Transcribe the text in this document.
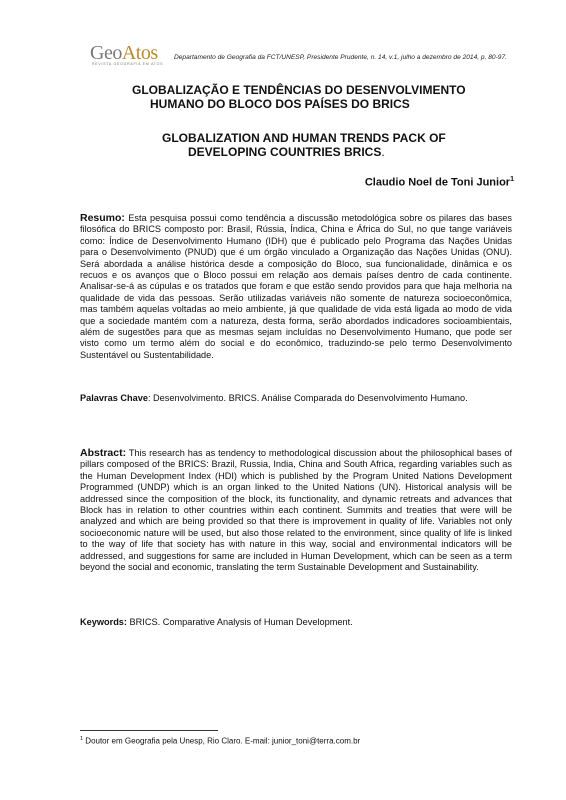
GeoAtos
REVISTA GEOGRAFIA EM ATOS
Departamento de Geografia da FCT/UNESP, Presidente Prudente, n. 14, v.1, julho a dezembro de 2014, p. 80-97.
GLOBALIZAÇÃO E TENDÊNCIAS DO DESENVOLVIMENTO
HUMANO DO BLOCO DOS PAÍSES DO BRICS
GLOBALIZATION AND HUMAN TRENDS PACK OF
DEVELOPING COUNTRIES BRICS.
Claudio Noel de Toni Junior$^1$
Resumo: Esta pesquisa possui como tendência a discussão metodológica sobre os pilares das bases filosófica do BRICS composto por: Brasil, Rússia, Índica, China e África do Sul, no que tange variáveis como: Índice de Desenvolvimento Humano (IDH) que é publicado pelo Programa das Nações Unidas para o Desenvolvimento (PNUD) que é um órgão vinculado a Organização das Nações Unidas (ONU). Será abordada a análise histórica desde a composição do Bloco, sua funcionalidade, dinâmica e os recuos e os avanços que o Bloco possui em relação aos demais países dentro de cada continente. Analisar-se-á as cúpulas e os tratados que foram e que estão sendo providos para que haja melhoria na qualidade de vida das pessoas. Serão utilizadas variáveis não somente de natureza socioeconômica, mas também aquelas voltadas ao meio ambiente, já que qualidade de vida está ligada ao modo de vida que a sociedade mantém com a natureza, desta forma, serão abordados indicadores socioambientais, além de sugestões para que as mesmas sejam incluídas no Desenvolvimento Humano, que pode ser visto como um termo além do social e do econômico, traduzindo-se pelo termo Desenvolvimento Sustentável ou Sustentabilidade.
Palavras Chave: Desenvolvimento. BRICS. Análise Comparada do Desenvolvimento Humano.
Abstract: This research has as tendency to methodological discussion about the philosophical bases of pillars composed of the BRICS: Brazil, Russia, India, China and South Africa, regarding variables such as the Human Development Index (HDI) which is published by the Program United Nations Development Programmed (UNDP) which is an organ linked to the United Nations (UN). Historical analysis will be addressed since the composition of the block, its functionality, and dynamic retreats and advances that Block has in relation to other countries within each continent. Summits and treaties that were will be analyzed and which are being provided so that there is improvement in quality of life. Variables not only socioeconomic nature will be used, but also those related to the environment, since quality of life is linked to the way of life that society has with nature in this way, social and environmental indicators will be addressed, and suggestions for same are included in Human Development, which can be seen as a term beyond the social and economic, translating the term Sustainable Development and Sustainability.
Keywords: BRICS. Comparative Analysis of Human Development.
$^1$ Doutor em Geografia pela Unesp, Rio Claro. E-mail: junior_toni@terra.com.br
